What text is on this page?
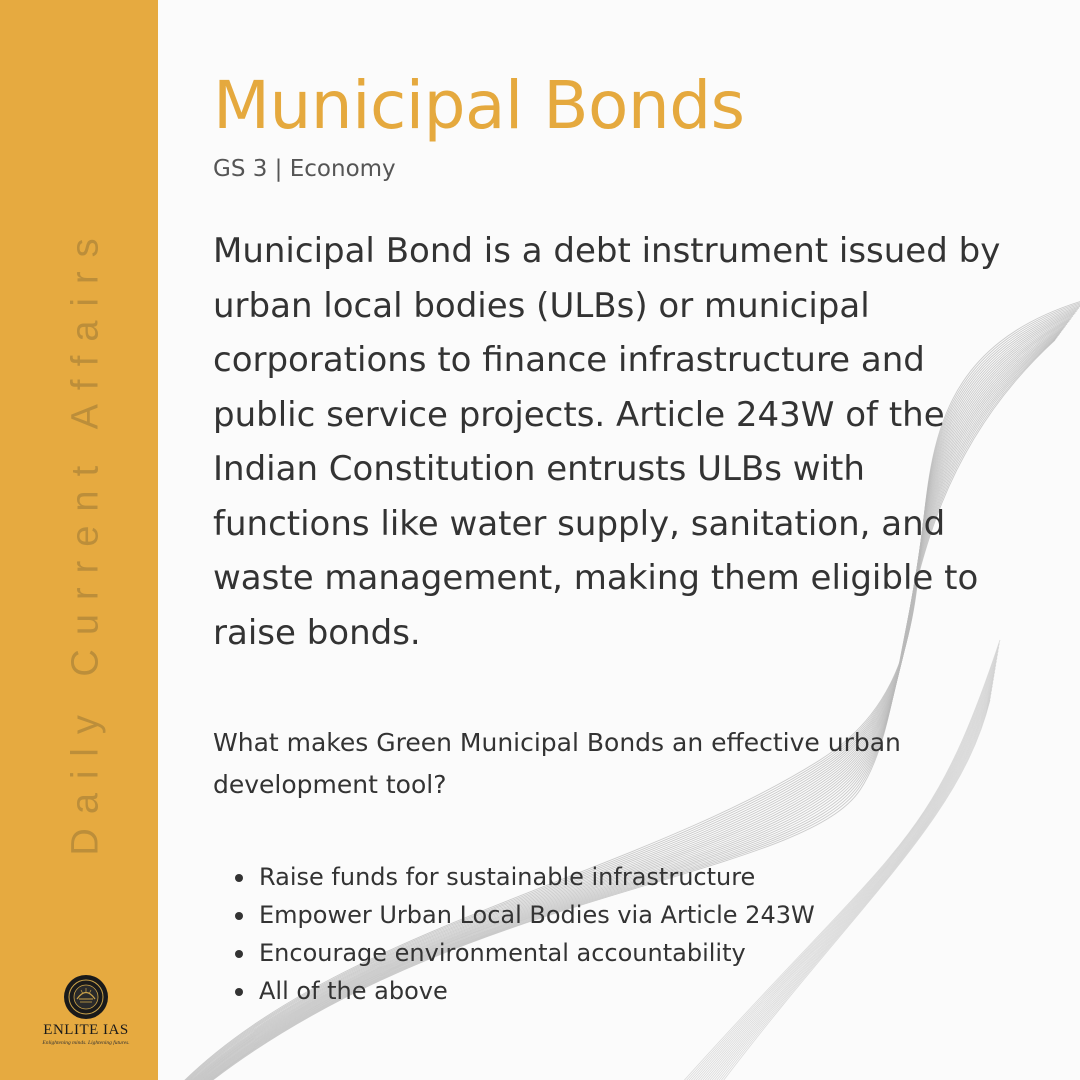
Daily Current Affairs
ENLITE IAS
Enlightening minds. Lightening futures.
Municipal Bonds
GS 3 | Economy

Municipal Bond is a debt instrument issued by urban local bodies (ULBs) or municipal corporations to finance infrastructure and public service projects. Article 243W of the Indian Constitution entrusts ULBs with functions like water supply, sanitation, and waste management, making them eligible to raise bonds.

What makes Green Municipal Bonds an effective urban development tool?

Raise funds for sustainable infrastructure
Empower Urban Local Bodies via Article 243W
Encourage environmental accountability
All of the above
